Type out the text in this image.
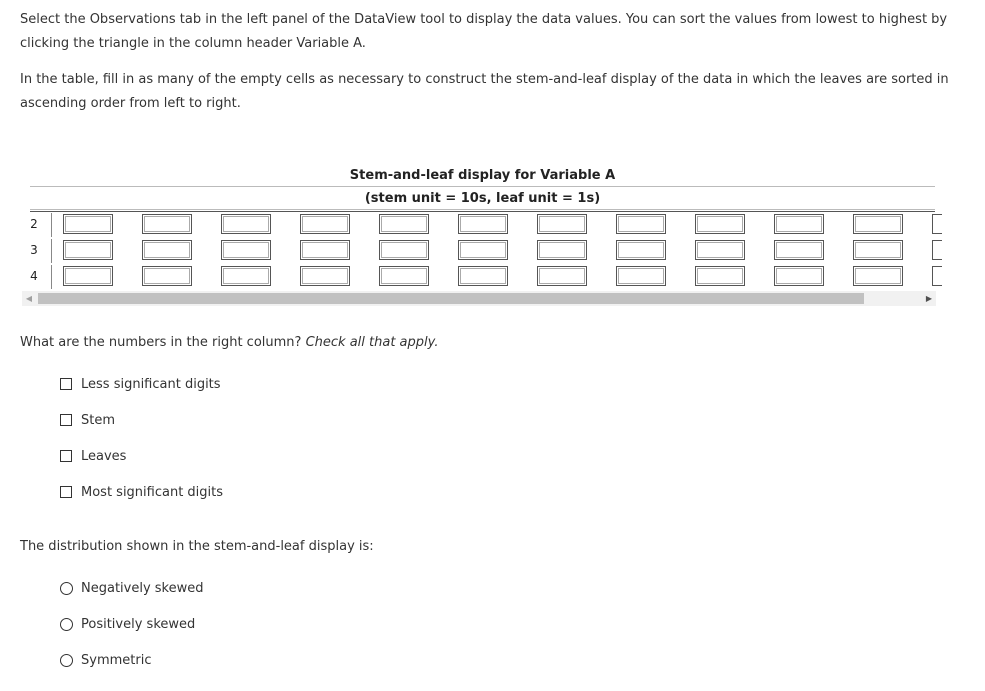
Select the Observations tab in the left panel of the DataView tool to display the data values. You can sort the values from lowest to highest by clicking the triangle in the column header Variable A.

In the table, fill in as many of the empty cells as necessary to construct the stem-and-leaf display of the data in which the leaves are sorted in ascending order from left to right.

Stem-and-leaf display for Variable A
(stem unit = 10s, leaf unit = 1s)
2
3
4
◀	▶

What are the numbers in the right column? Check all that apply.

Less significant digits
Stem
Leaves
Most significant digits

The distribution shown in the stem-and-leaf display is:

Negatively skewed
Positively skewed
Symmetric
